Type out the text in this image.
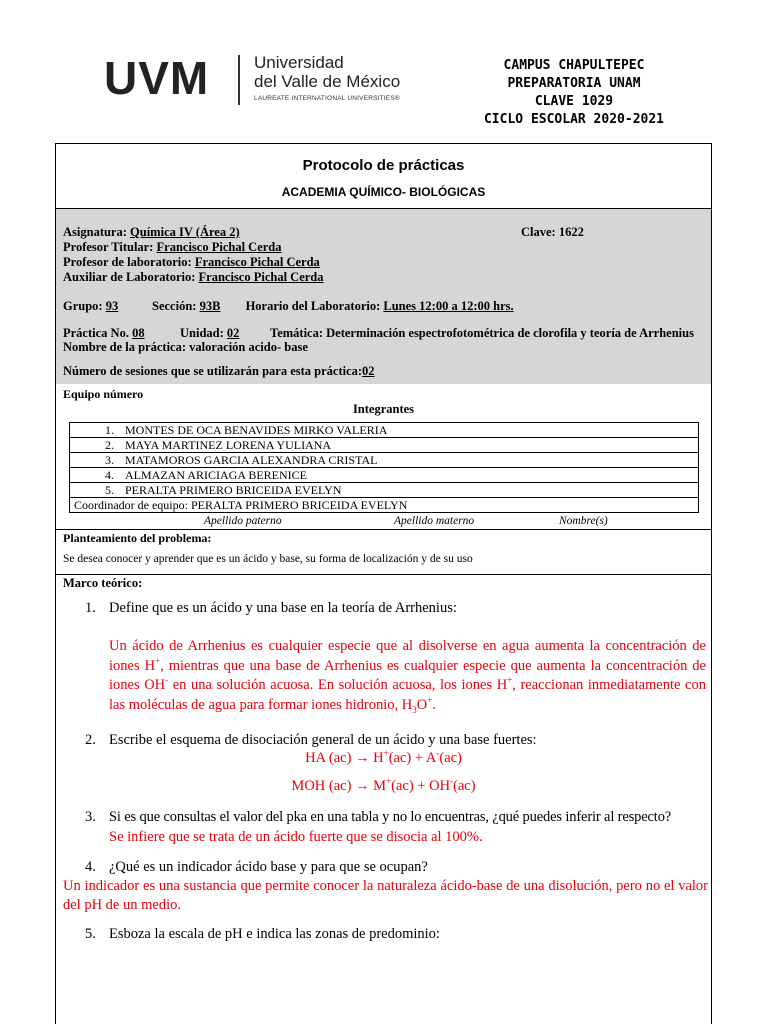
UVM	Universidad
del Valle de México
LAUREATE INTERNATIONAL UNIVERSITIES®
CAMPUS CHAPULTEPEC
PREPARATORIA UNAM
CLAVE 1029
CICLO ESCOLAR 2020-2021
Protocolo de prácticas
ACADEMIA QUÍMICO- BIOLÓGICAS
Asignatura: Química IV (Área 2)	Clave: 1622
Profesor Titular: Francisco Pichal Cerda
Profesor de laboratorio: Francisco Pichal Cerda
Auxiliar de Laboratorio: Francisco Pichal Cerda
Grupo: 93	Sección: 93B Horario del Laboratorio: Lunes 12:00 a 12:00 hrs.
Práctica No. 08	Unidad: 02 Temática: Determinación espectrofotométrica de clorofila y teoría de Arrhenius
Nombre de la práctica: valoración acido- base
Número de sesiones que se utilizarán para esta práctica:02
Equipo número
Integrantes
1. MONTES DE OCA BENAVIDES MIRKO VALERIA
2. MAYA MARTINEZ LORENA YULIANA
3. MATAMOROS GARCIA ALEXANDRA CRISTAL
4. ALMAZAN ARICIAGA BERENICE
5. PERALTA PRIMERO BRICEIDA EVELYN
Coordinador de equipo: PERALTA PRIMERO BRICEIDA EVELYN
Apellido paterno	Apellido materno	Nombre(s)
Planteamiento del problema:
Se desea conocer y aprender que es un ácido y base, su forma de localización y de su uso
Marco teórico:
1. Define que es un ácido y una base en la teoría de Arrhenius:
Un ácido de Arrhenius es cualquier especie que al disolverse en agua aumenta la concentración de iones H+, mientras que una base de Arrhenius es cualquier especie que aumenta la concentración de iones OH- en una solución acuosa. En solución acuosa, los iones H+, reaccionan inmediatamente con las moléculas de agua para formar iones hidronio, $H_3O^+$.
2. Escribe el esquema de disociación general de un ácido y una base fuertes:
HA (ac) → H+(ac) + A-(ac)
MOH (ac) → M+(ac) + OH-(ac)
3. Si es que consultas el valor del pka en una tabla y no lo encuentras, ¿qué puedes inferir al respecto?
Se infiere que se trata de un ácido fuerte que se disocia al 100%.
4. ¿Qué es un indicador ácido base y para que se ocupan?
Un indicador es una sustancia que permite conocer la naturaleza ácido-base de una disolución, pero no el valor del pH de un medio.
5. Esboza la escala de pH e indica las zonas de predominio:
